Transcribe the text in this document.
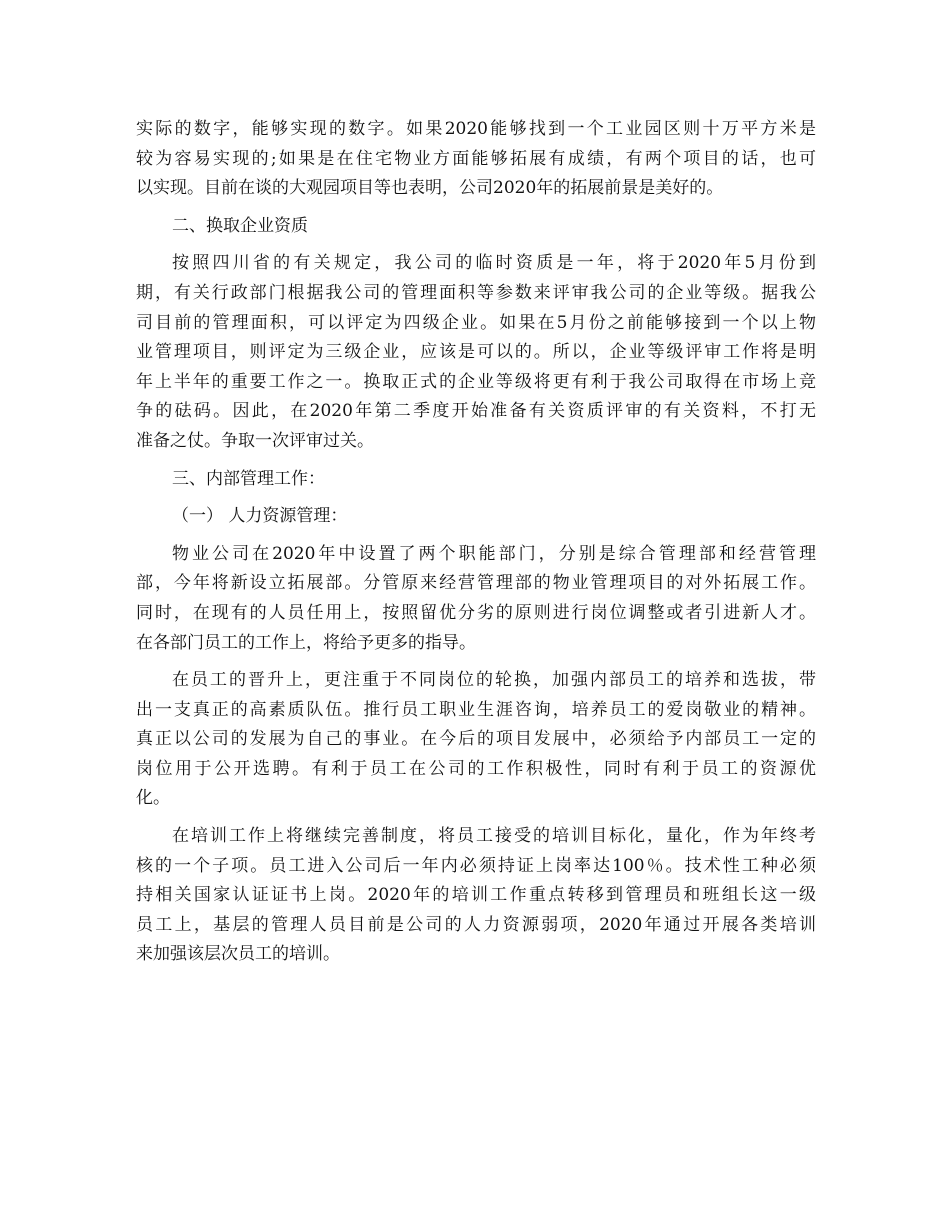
实际的数字，能够实现的数字。如果2020能够找到一个工业园区则十万平方米是
较为容易实现的;如果是在住宅物业方面能够拓展有成绩，有两个项目的话，也可
以实现。目前在谈的大观园项目等也表明，公司2020年的拓展前景是美好的。
二、换取企业资质
按照四川省的有关规定，我公司的临时资质是一年，将于2020年5月份到
期，有关行政部门根据我公司的管理面积等参数来评审我公司的企业等级。据我公
司目前的管理面积，可以评定为四级企业。如果在5月份之前能够接到一个以上物
业管理项目，则评定为三级企业，应该是可以的。所以，企业等级评审工作将是明
年上半年的重要工作之一。换取正式的企业等级将更有利于我公司取得在市场上竞
争的砝码。因此，在2020年第二季度开始准备有关资质评审的有关资料，不打无
准备之仗。争取一次评审过关。
三、内部管理工作：
（一） 人力资源管理：
物业公司在2020年中设置了两个职能部门，分别是综合管理部和经营管理
部，今年将新设立拓展部。分管原来经营管理部的物业管理项目的对外拓展工作。
同时，在现有的人员任用上，按照留优分劣的原则进行岗位调整或者引进新人才。
在各部门员工的工作上，将给予更多的指导。
在员工的晋升上，更注重于不同岗位的轮换，加强内部员工的培养和选拔，带
出一支真正的高素质队伍。推行员工职业生涯咨询，培养员工的爱岗敬业的精神。
真正以公司的发展为自己的事业。在今后的项目发展中，必须给予内部员工一定的
岗位用于公开选聘。有利于员工在公司的工作积极性，同时有利于员工的资源优
化。
在培训工作上将继续完善制度，将员工接受的培训目标化，量化，作为年终考
核的一个子项。员工进入公司后一年内必须持证上岗率达100％。技术性工种必须
持相关国家认证证书上岗。2020年的培训工作重点转移到管理员和班组长这一级
员工上，基层的管理人员目前是公司的人力资源弱项，2020年通过开展各类培训
来加强该层次员工的培训。
